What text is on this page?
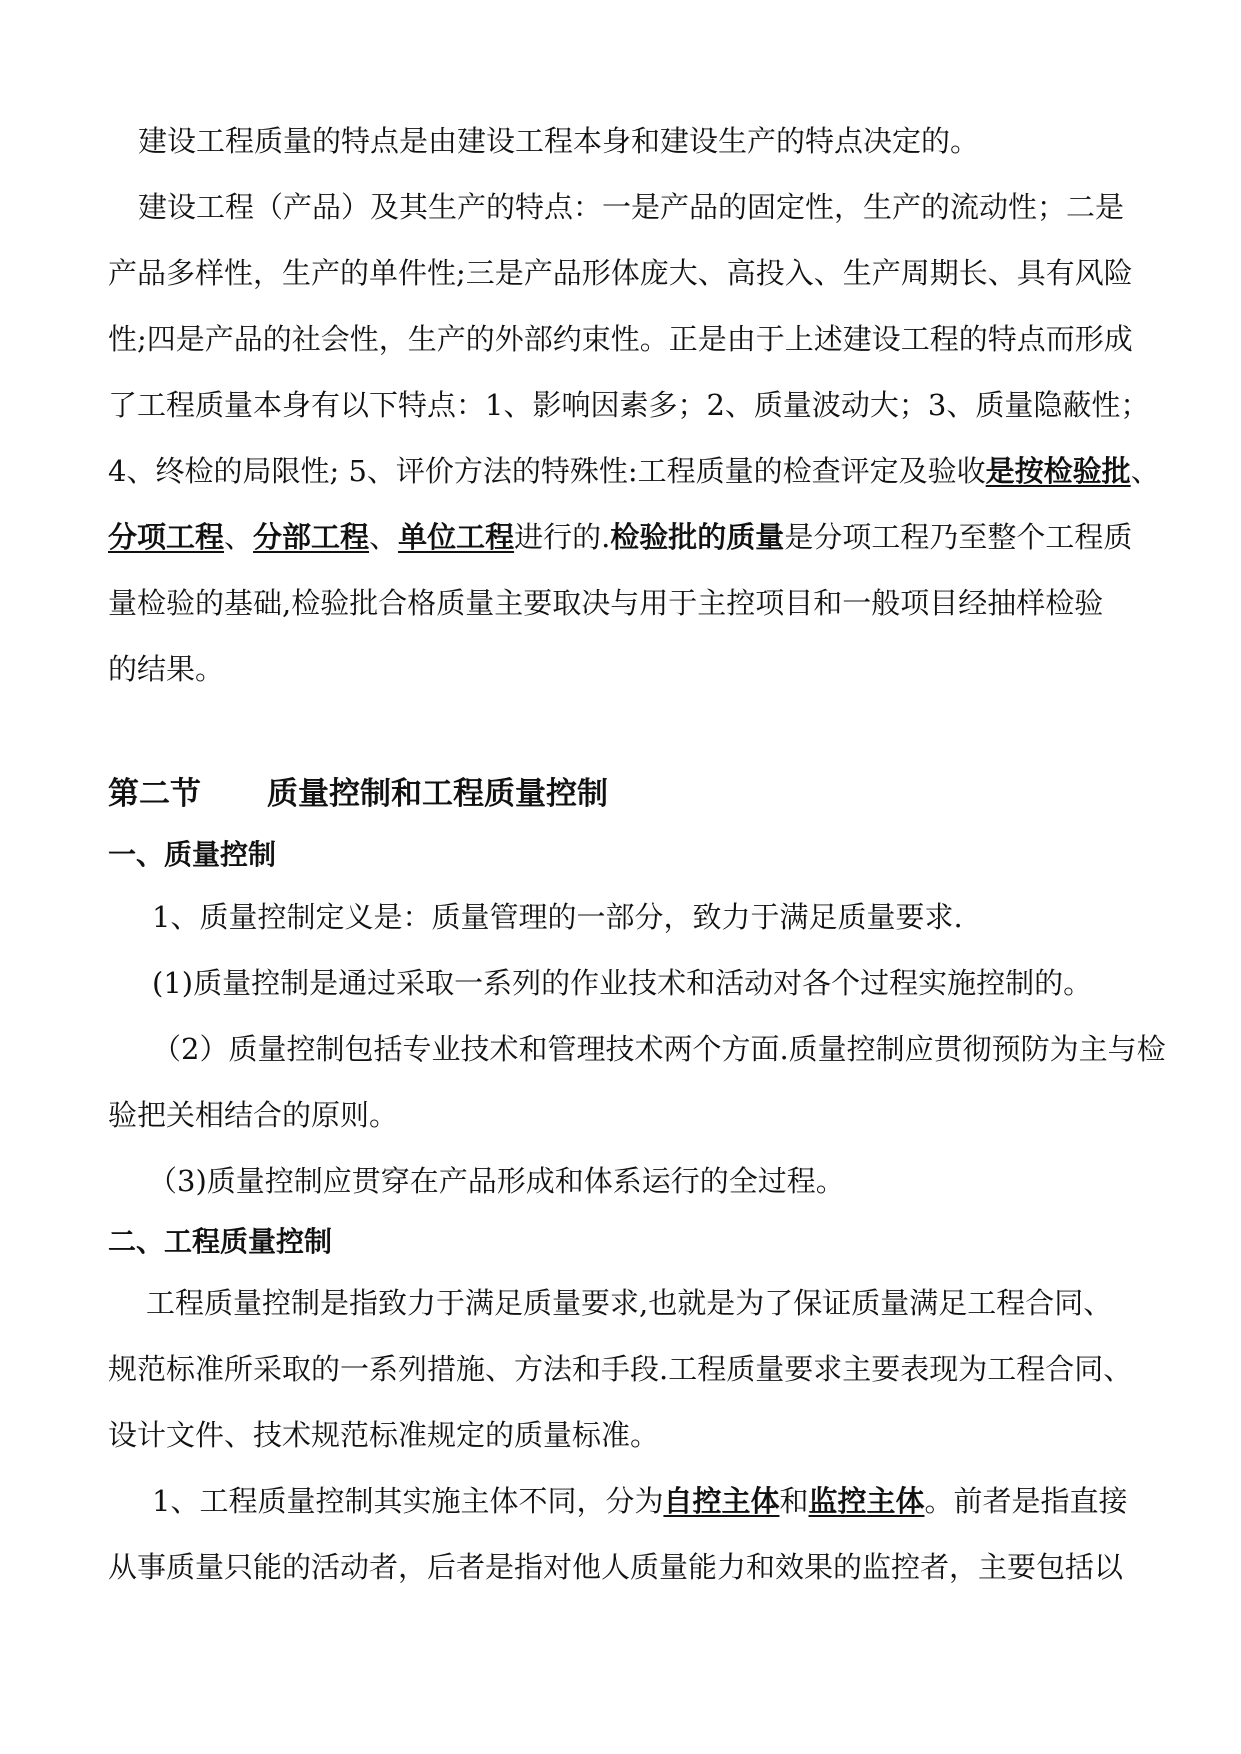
建设工程质量的特点是由建设工程本身和建设生产的特点决定的。

建设工程（产品）及其生产的特点：一是产品的固定性，生产的流动性；二是
产品多样性，生产的单件性;三是产品形体庞大、高投入、生产周期长、具有风险
性;四是产品的社会性，生产的外部约束性。正是由于上述建设工程的特点而形成
了工程质量本身有以下特点：1、影响因素多；2、质量波动大；3、质量隐蔽性；
4、终检的局限性; 5、评价方法的特殊性:工程质量的检查评定及验收是按检验批、
分项工程、分部工程、单位工程进行的.检验批的质量是分项工程乃至整个工程质
量检验的基础,检验批合格质量主要取决与用于主控项目和一般项目经抽样检验
的结果。
第二节 质量控制和工程质量控制
一、质量控制
1、质量控制定义是：质量管理的一部分，致力于满足质量要求.
(1)质量控制是通过采取一系列的作业技术和活动对各个过程实施控制的。
（2）质量控制包括专业技术和管理技术两个方面.质量控制应贯彻预防为主与检
验把关相结合的原则。
（3)质量控制应贯穿在产品形成和体系运行的全过程。
二、工程质量控制
工程质量控制是指致力于满足质量要求,也就是为了保证质量满足工程合同、
规范标准所采取的一系列措施、方法和手段.工程质量要求主要表现为工程合同、
设计文件、技术规范标准规定的质量标准。
1、工程质量控制其实施主体不同，分为自控主体和监控主体。前者是指直接
从事质量只能的活动者，后者是指对他人质量能力和效果的监控者，主要包括以
